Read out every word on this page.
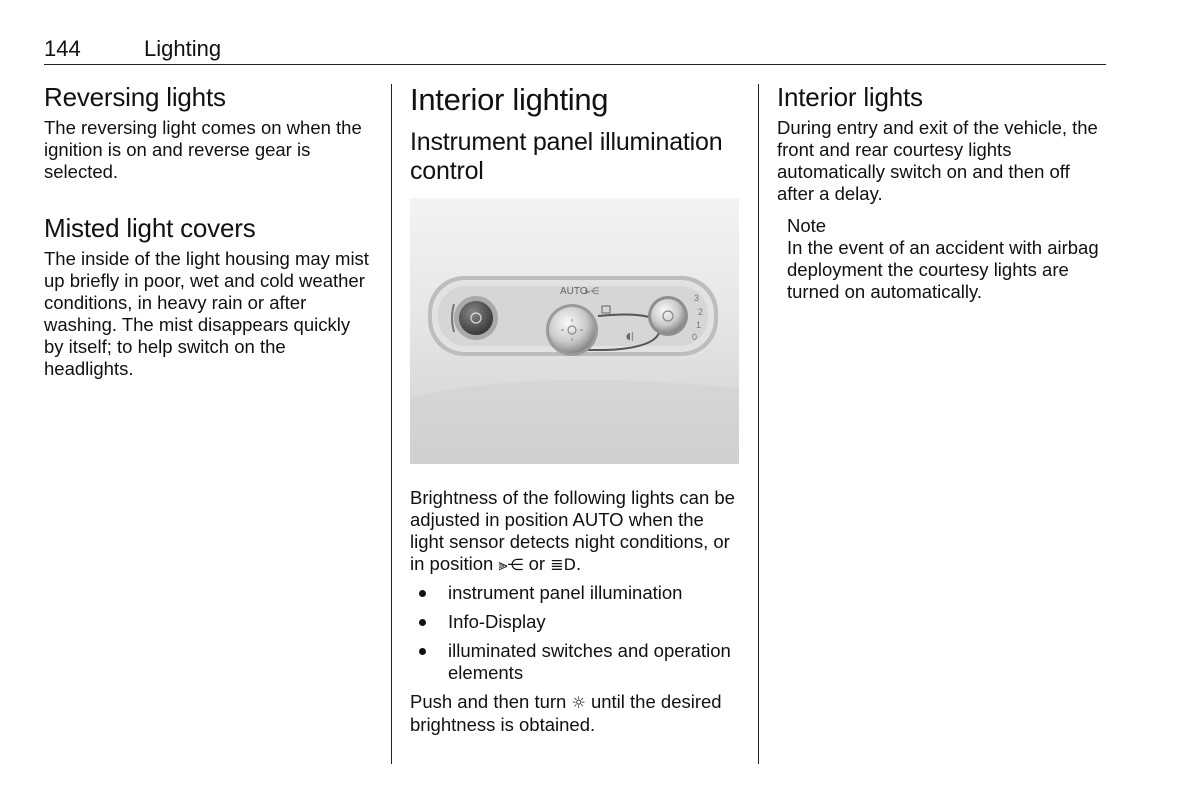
144	Lighting
Reversing lights

The reversing light comes on when the ignition is on and reverse gear is selected.

Misted light covers

The inside of the light housing may mist up briefly in poor, wet and cold weather conditions, in heavy rain or after washing. The mist disappears quickly by itself; to help switch on the headlights.

Interior lighting
Instrument panel illumination control
AUTO
⫸⋲
◖|
3
2
1
0

Brightness of the following lights can be adjusted in position AUTO when the light sensor detects night conditions, or in position ⫸⋲ or ≣D.

instrument panel illumination
Info-Display
illuminated switches and operation elements

Push and then turn ☼ until the desired brightness is obtained.

Interior lights

During entry and exit of the vehicle, the front and rear courtesy lights automatically switch on and then off after a delay.

Note

In the event of an accident with airbag deployment the courtesy lights are turned on automatically.
